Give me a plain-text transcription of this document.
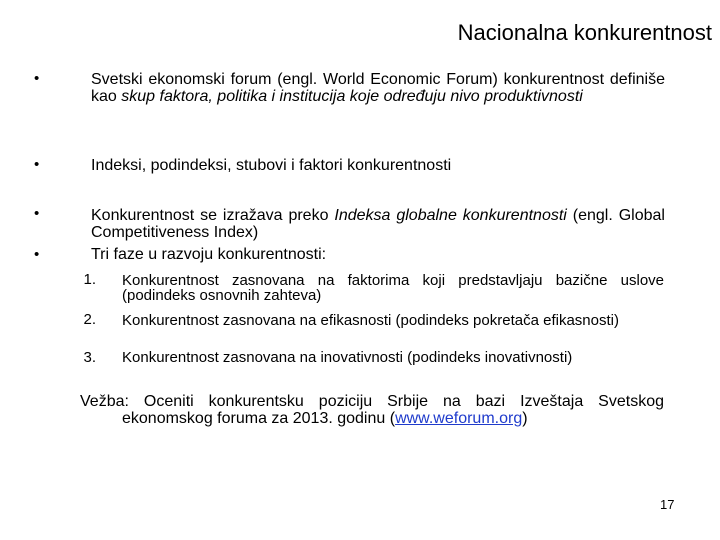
Nacionalna konkurentnost
•	Svetski ekonomski forum (engl. World Economic Forum) konkurentnost definiše kao skup faktora, politika i institucija koje određuju nivo produktivnosti
•	Indeksi, podindeksi, stubovi i faktori konkurentnosti
•	Konkurentnost se izražava preko Indeksa globalne konkurentnosti (engl. Global Competitiveness Index)
•	Tri faze u razvoju konkurentnosti:
1. Konkurentnost zasnovana na faktorima koji predstavljaju bazične uslove (podindeks osnovnih zahteva)
2. Konkurentnost zasnovana na efikasnosti (podindeks pokretača efikasnosti)
3. Konkurentnost zasnovana na inovativnosti (podindeks inovativnosti)
Vežba: Oceniti konkurentsku poziciju Srbije na bazi Izveštaja Svetskog
ekonomskog foruma za 2013. godinu (www.weforum.org)
17
